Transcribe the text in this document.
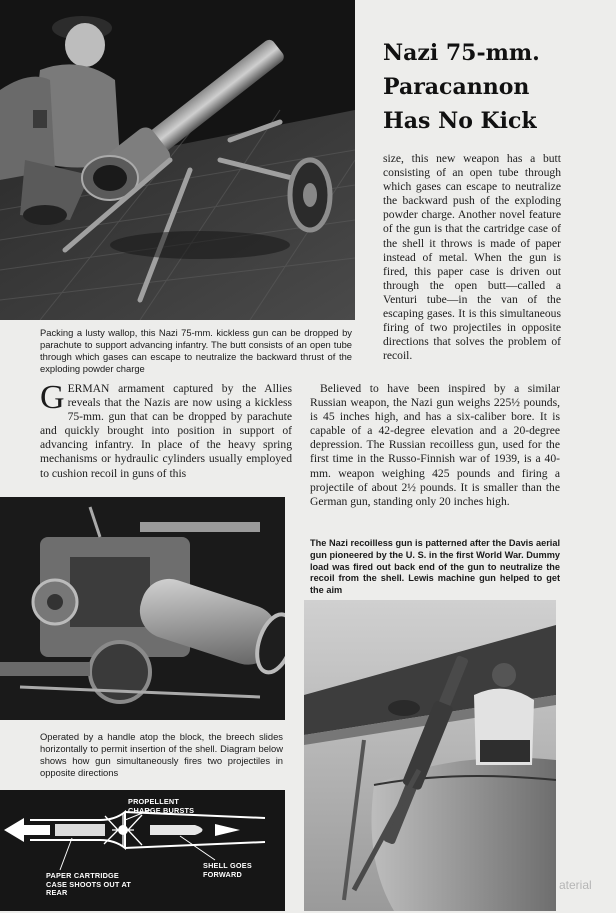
Nazi 75-mm.
Paracannon
Has No Kick

size, this new weapon has a butt consisting of an open tube through which gases can escape to neutralize the backward push of the exploding powder charge. Another novel feature of the gun is that the cartridge case of the shell it throws is made of paper instead of metal. When the gun is fired, this paper case is driven out through the open butt—called a Venturi tube—in the van of the escaping gases. It is this simultaneous firing of two projectiles in opposite directions that solves the problem of recoil.

Packing a lusty wallop, this Nazi 75-mm. kickless gun can be dropped by parachute to support advancing infantry. The butt consists of an open tube through which gases can escape to neutralize the backward thrust of the exploding powder charge

GERMAN armament captured by the Allies reveals that the Nazis are now using a kickless 75-mm. gun that can be dropped by parachute and quickly brought into position in support of advancing infantry. In place of the heavy spring mechanisms or hydraulic cylinders usually employed to cushion recoil in guns of this

Believed to have been inspired by a similar Russian weapon, the Nazi gun weighs 225½ pounds, is 45 inches high, and has a six-caliber bore. It is capable of a 42-degree elevation and a 20-degree depression. The Russian recoilless gun, used for the first time in the Russo-Finnish war of 1939, is a 40-mm. weapon weighing 425 pounds and firing a projectile of about 2½ pounds. It is smaller than the German gun, standing only 20 inches high.

Operated by a handle atop the block, the breech slides horizontally to permit insertion of the shell. Diagram below shows how gun simultaneously fires two projectiles in opposite directions

PROPELLENT CHARGE BURSTS
PAPER CARTRIDGE CASE SHOOTS OUT AT REAR
SHELL GOES FORWARD

The Nazi recoilless gun is patterned after the Davis aerial gun pioneered by the U. S. in the first World War. Dummy load was fired out back end of the gun to neutralize the recoil from the shell. Lewis machine gun helped to get the aim

aterial
